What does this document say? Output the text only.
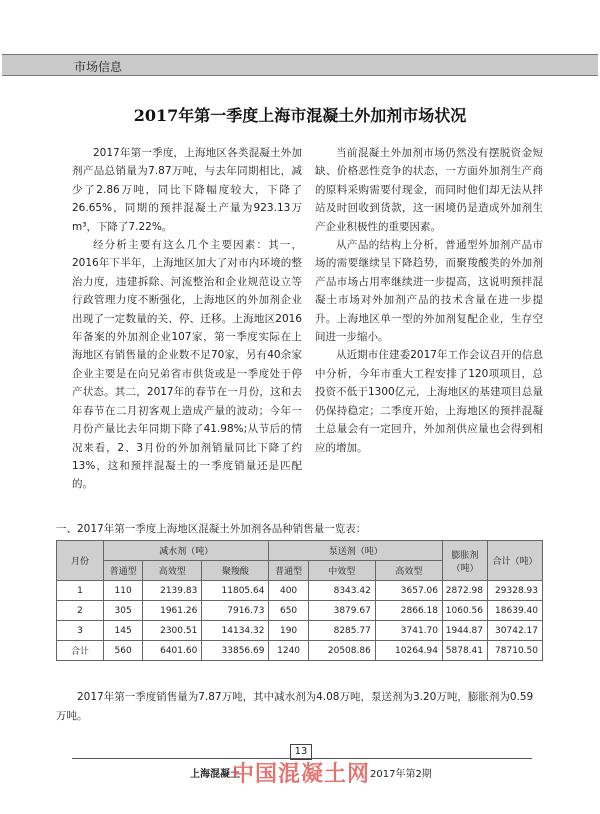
市场信息
2017年第一季度上海市混凝土外加剂市场状况

2017年第一季度，上海地区各类混凝土外加剂产品总销量为7.87万吨，与去年同期相比，减少了2.86万吨，同比下降幅度较大，下降了26.65%，同期的预拌混凝土产量为923.13万m³，下降了7.22%。

经分析主要有这么几个主要因素：其一，2016年下半年，上海地区加大了对市内环境的整治力度，违建拆除、河流整治和企业规范设立等行政管理力度不断强化，上海地区的外加剂企业出现了一定数量的关、停、迁移。上海地区2016年备案的外加剂企业107家，第一季度实际在上海地区有销售量的企业数不足70家，另有40余家企业主要是在向兄弟省市供货或是一季度处于停产状态。其二，2017年的春节在一月份，这和去年春节在二月初客观上造成产量的波动；今年一月份产量比去年同期下降了41.98%;从节后的情况来看，2、3月份的外加剂销量同比下降了约13%，这和预拌混凝土的一季度销量还是匹配的。

当前混凝土外加剂市场仍然没有摆脱资金短缺、价格恶性竞争的状态，一方面外加剂生产商的原料采购需要付现金，而同时他们却无法从拌站及时回收到货款，这一困境仍是造成外加剂生产企业积极性的重要因素。

从产品的结构上分析，普通型外加剂产品市场的需要继续呈下降趋势，而聚羧酸类的外加剂产品市场占用率继续进一步提高，这说明预拌混凝土市场对外加剂产品的技术含量在进一步提升。上海地区单一型的外加剂复配企业，生存空间进一步缩小。

从近期市住建委2017年工作会议召开的信息中分析，今年市重大工程安排了120项项目，总投资不低于1300亿元，上海地区的基建项目总量仍保持稳定；二季度开始，上海地区的预拌混凝土总量会有一定回升，外加剂供应量也会得到相应的增加。

一、2017年第一季度上海地区混凝土外加剂各品种销售量一览表：
月份	减水剂（吨）			泵送剂（吨）			膨胀剂（吨）	合计（吨）
	普通型	高效型	聚羧酸	普通型	中效型	高效型		
1	110	2139.83	11805.64	400	8343.42	3657.06	2872.98	29328.93
2	305	1961.26	7916.73	650	3879.67	2866.18	1060.56	18639.40
3	145	2300.51	14134.32	190	8285.77	3741.70	1944.87	30742.17
合计	560	6401.60	33856.69	1240	20508.86	10264.94	5878.41	78710.50

2017年第一季度销售量为7.87万吨，其中减水剂为4.08万吨，泵送剂为3.20万吨，膨胀剂为0.59万吨。

13
上海混凝土	2017年第2期
中国混凝土网
